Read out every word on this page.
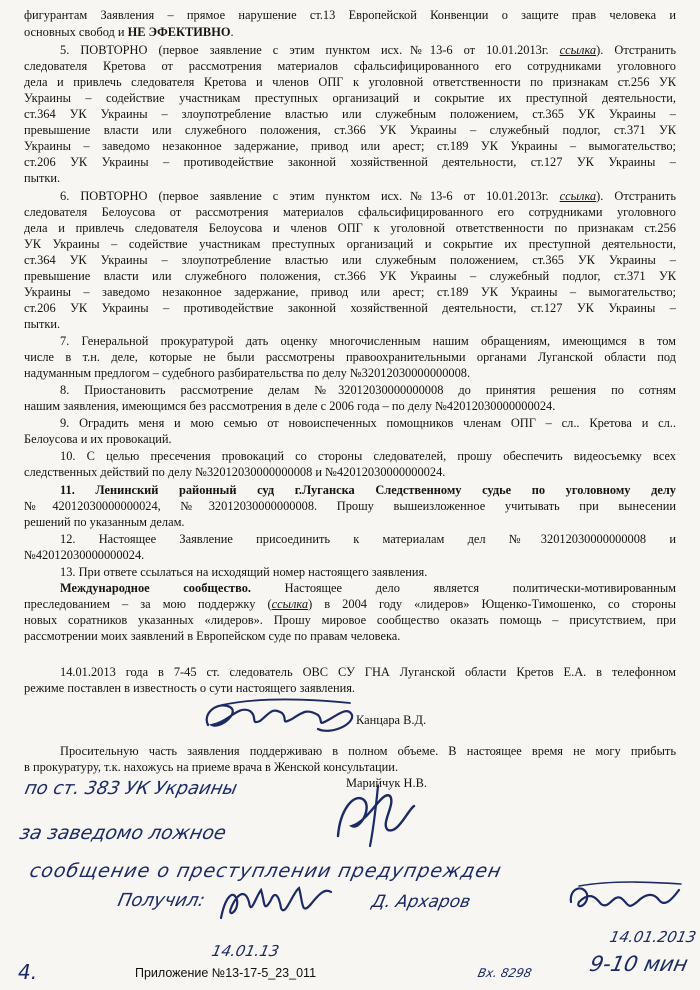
фигурантам Заявления – прямое нарушение ст.13 Европейской Конвенции о защите прав человека и
основных свобод и НЕ ЭФЕКТИВНО.
5. ПОВТОРНО (первое заявление с этим пунктом исх.№13-6 от 10.01.2013г. ссылка). Отстранить
следователя Кретова от рассмотрения материалов сфальсифицированного его сотрудниками уголовного
дела и привлечь следователя Кретова и членов ОПГ к уголовной ответственности по признакам ст.256 УК
Украины – содействие участникам преступных организаций и сокрытие их преступной деятельности,
ст.364 УК Украины – злоупотребление властью или служебным положением, ст.365 УК Украины –
превышение власти или служебного положения, ст.366 УК Украины – служебный подлог, ст.371 УК
Украины – заведомо незаконное задержание, привод или арест; ст.189 УК Украины – вымогательство;
ст.206 УК Украины – противодействие законной хозяйственной деятельности, ст.127 УК Украины –
пытки.
6. ПОВТОРНО (первое заявление с этим пунктом исх.№13-6 от 10.01.2013г. ссылка). Отстранить
следователя Белоусова от рассмотрения материалов сфальсифицированного его сотрудниками уголовного
дела и привлечь следователя Белоусова и членов ОПГ к уголовной ответственности по признакам ст.256
УК Украины – содействие участникам преступных организаций и сокрытие их преступной деятельности,
ст.364 УК Украины – злоупотребление властью или служебным положением, ст.365 УК Украины –
превышение власти или служебного положения, ст.366 УК Украины – служебный подлог, ст.371 УК
Украины – заведомо незаконное задержание, привод или арест; ст.189 УК Украины – вымогательство;
ст.206 УК Украины – противодействие законной хозяйственной деятельности, ст.127 УК Украины –
пытки.
7. Генеральной прокуратурой дать оценку многочисленным нашим обращениям, имеющимся в том
числе в т.н. деле, которые не были рассмотрены правоохранительными органами Луганской области под
надуманным предлогом – судебного разбирательства по делу №32012030000000008.
8. Приостановить рассмотрение делам №32012030000000008 до принятия решения по сотням
нашим заявления, имеющимся без рассмотрения в деле с 2006 года – по делу №42012030000000024.
9. Оградить меня и мою семью от новоиспеченных помощников членам ОПГ – сл.. Кретова и сл..
Белоусова и их провокаций.
10. С целью пресечения провокаций со стороны следователей, прошу обеспечить видеосъемку всех
следственных действий по делу №32012030000000008 и №42012030000000024.
11. Ленинский районный суд г.Луганска Следственному судье по уголовному делу
№42012030000000024, №32012030000000008. Прошу вышеизложенное учитывать при вынесении
решений по указанным делам.
12. Настоящее Заявление присоединить к материалам дел №32012030000000008 и
№42012030000000024.
13. При ответе ссылаться на исходящий номер настоящего заявления.
Международное сообщество. Настоящее дело является политически-мотивированным
преследованием – за мою поддержку (ссылка) в 2004 году «лидеров» Ющенко-Тимошенко, со стороны
новых соратников указанных «лидеров». Прошу мировое сообщество оказать помощь – присутствием, при
рассмотрении моих заявлений в Европейском суде по правам человека.
14.01.2013 года в 7-45 ст. следователь ОВС СУ ГНА Луганской области Кретов Е.А. в телефонном
режиме поставлен в известность о сути настоящего заявления.
Канцара В.Д.
Просительную часть заявления поддерживаю в полном объеме. В настоящее время не могу прибыть
в прокуратуру, т.к. нахожусь на приеме врача в Женской консультации.
Марийчук Н.В.
по ст. 383 УК Украины
за заведомо ложное
сообщение о преступлении предупрежден
Получил:	Д. Архаров
14.01.13
14.01.2013
9-10 мин
Вх. 8298
4.	Приложение №13-17-5_23_011
